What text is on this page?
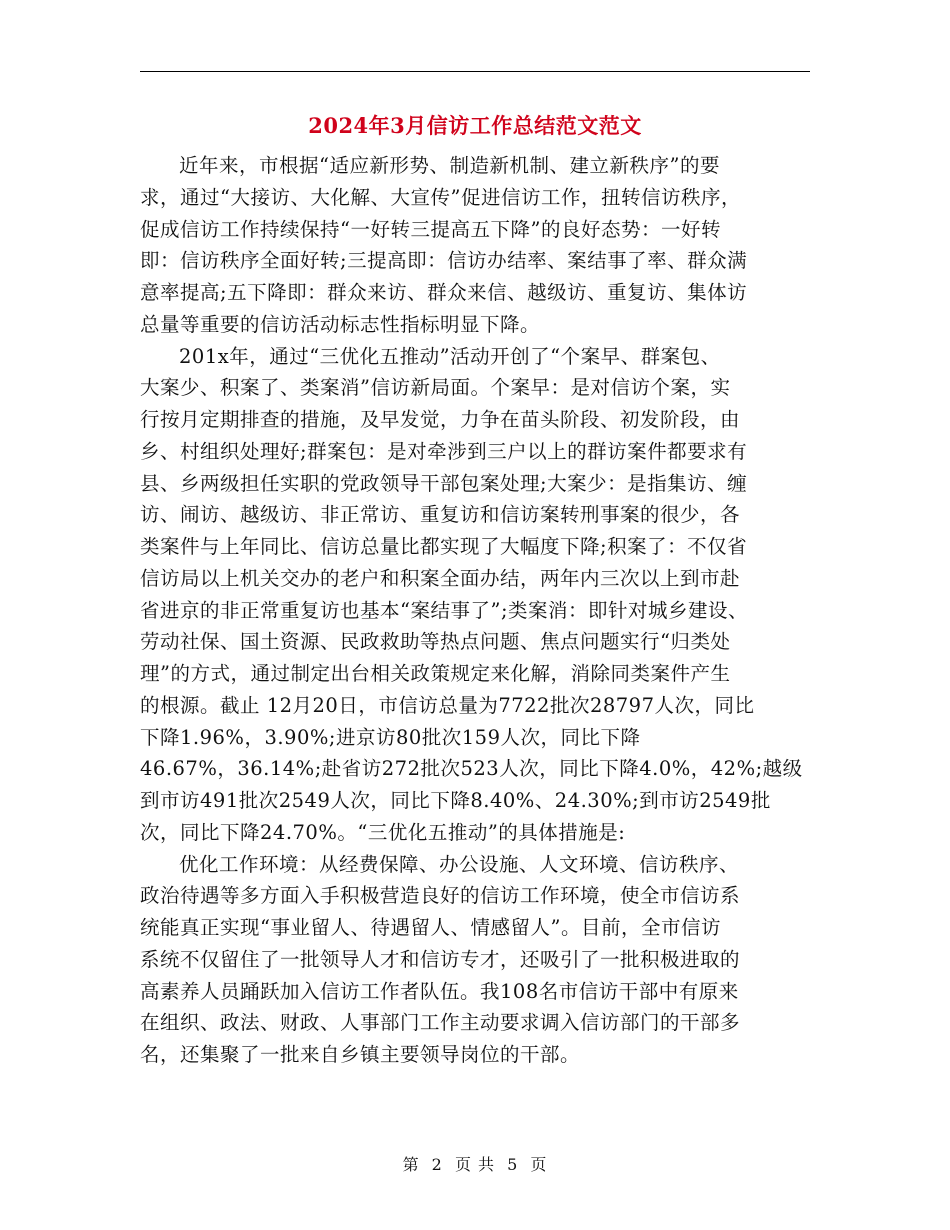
2024年3月信访工作总结范文范文
近年来，市根据“适应新形势、制造新机制、建立新秩序”的要
求，通过“大接访、大化解、大宣传”促进信访工作，扭转信访秩序，
促成信访工作持续保持“一好转三提高五下降”的良好态势：一好转
即：信访秩序全面好转;三提高即：信访办结率、案结事了率、群众满
意率提高;五下降即：群众来访、群众来信、越级访、重复访、集体访
总量等重要的信访活动标志性指标明显下降。
201x年，通过“三优化五推动”活动开创了“个案早、群案包、
大案少、积案了、类案消”信访新局面。个案早：是对信访个案，实
行按月定期排查的措施，及早发觉，力争在苗头阶段、初发阶段，由
乡、村组织处理好;群案包：是对牵涉到三户以上的群访案件都要求有
县、乡两级担任实职的党政领导干部包案处理;大案少：是指集访、缠
访、闹访、越级访、非正常访、重复访和信访案转刑事案的很少，各
类案件与上年同比、信访总量比都实现了大幅度下降;积案了：不仅省
信访局以上机关交办的老户和积案全面办结，两年内三次以上到市赴
省进京的非正常重复访也基本“案结事了”;类案消：即针对城乡建设、
劳动社保、国土资源、民政救助等热点问题、焦点问题实行“归类处
理”的方式，通过制定出台相关政策规定来化解，消除同类案件产生
的根源。截止 12月20日，市信访总量为7722批次28797人次，同比
下降1.96%，3.90%;进京访80批次159人次，同比下降
46.67%，36.14%;赴省访272批次523人次，同比下降4.0%，42%;越级
到市访491批次2549人次，同比下降8.40%、24.30%;到市访2549批
次，同比下降24.70%。“三优化五推动”的具体措施是:
优化工作环境：从经费保障、办公设施、人文环境、信访秩序、
政治待遇等多方面入手积极营造良好的信访工作环境，使全市信访系
统能真正实现“事业留人、待遇留人、情感留人”。目前，全市信访
系统不仅留住了一批领导人才和信访专才，还吸引了一批积极进取的
高素养人员踊跃加入信访工作者队伍。我108名市信访干部中有原来
在组织、政法、财政、人事部门工作主动要求调入信访部门的干部多
名，还集聚了一批来自乡镇主要领导岗位的干部。
第 2 页 共 5 页
